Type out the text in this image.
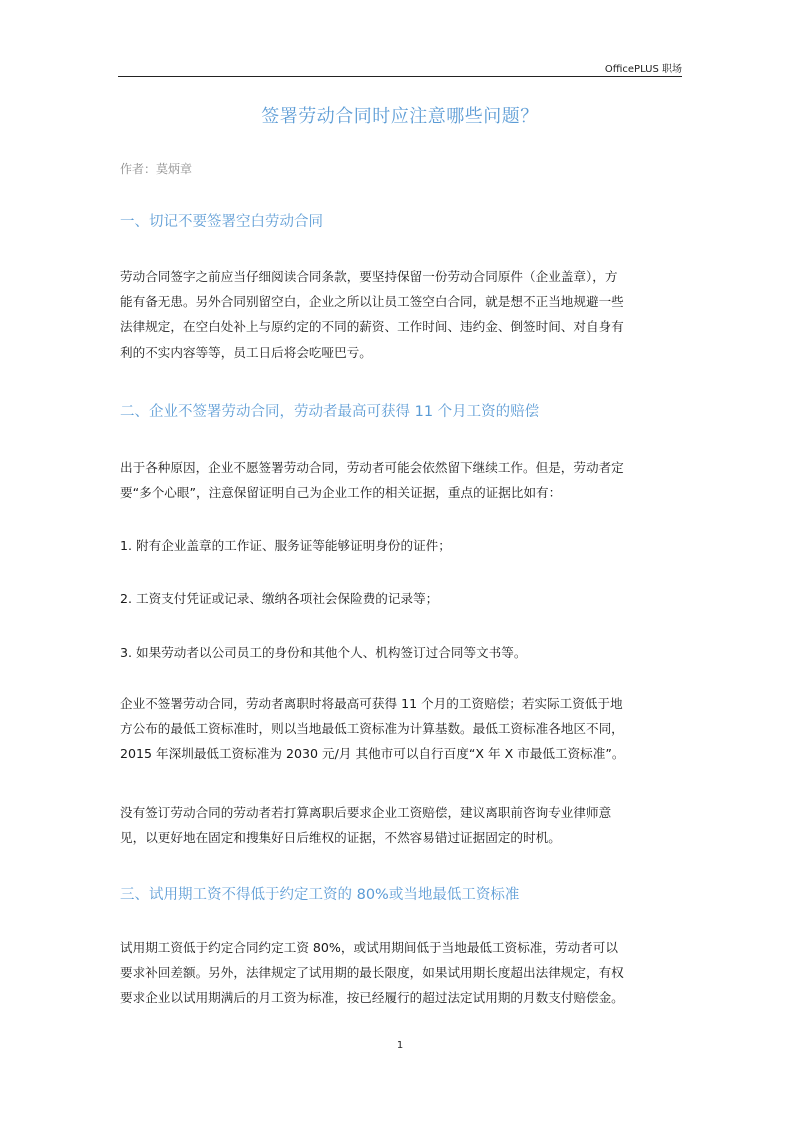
OfficePLUS 职场
签署劳动合同时应注意哪些问题？
作者：莫炳章
一、切记不要签署空白劳动合同

劳动合同签字之前应当仔细阅读合同条款，要坚持保留一份劳动合同原件（企业盖章），方
能有备无患。另外合同别留空白，企业之所以让员工签空白合同，就是想不正当地规避一些
法律规定，在空白处补上与原约定的不同的薪资、工作时间、违约金、倒签时间、对自身有
利的不实内容等等，员工日后将会吃哑巴亏。

二、企业不签署劳动合同，劳动者最高可获得 11 个月工资的赔偿

出于各种原因，企业不愿签署劳动合同，劳动者可能会依然留下继续工作。但是，劳动者定
要“多个心眼”，注意保留证明自己为企业工作的相关证据，重点的证据比如有：

1. 附有企业盖章的工作证、服务证等能够证明身份的证件；

2. 工资支付凭证或记录、缴纳各项社会保险费的记录等；

3. 如果劳动者以公司员工的身份和其他个人、机构签订过合同等文书等。

企业不签署劳动合同，劳动者离职时将最高可获得 11 个月的工资赔偿；若实际工资低于地
方公布的最低工资标准时，则以当地最低工资标准为计算基数。最低工资标准各地区不同，
2015 年深圳最低工资标准为 2030 元/月 其他市可以自行百度“X 年 X 市最低工资标准”。

没有签订劳动合同的劳动者若打算离职后要求企业工资赔偿，建议离职前咨询专业律师意
见，以更好地在固定和搜集好日后维权的证据，不然容易错过证据固定的时机。

三、试用期工资不得低于约定工资的 80%或当地最低工资标准

试用期工资低于约定合同约定工资 80%，或试用期间低于当地最低工资标准，劳动者可以
要求补回差额。另外，法律规定了试用期的最长限度，如果试用期长度超出法律规定，有权
要求企业以试用期满后的月工资为标准，按已经履行的超过法定试用期的月数支付赔偿金。

1
